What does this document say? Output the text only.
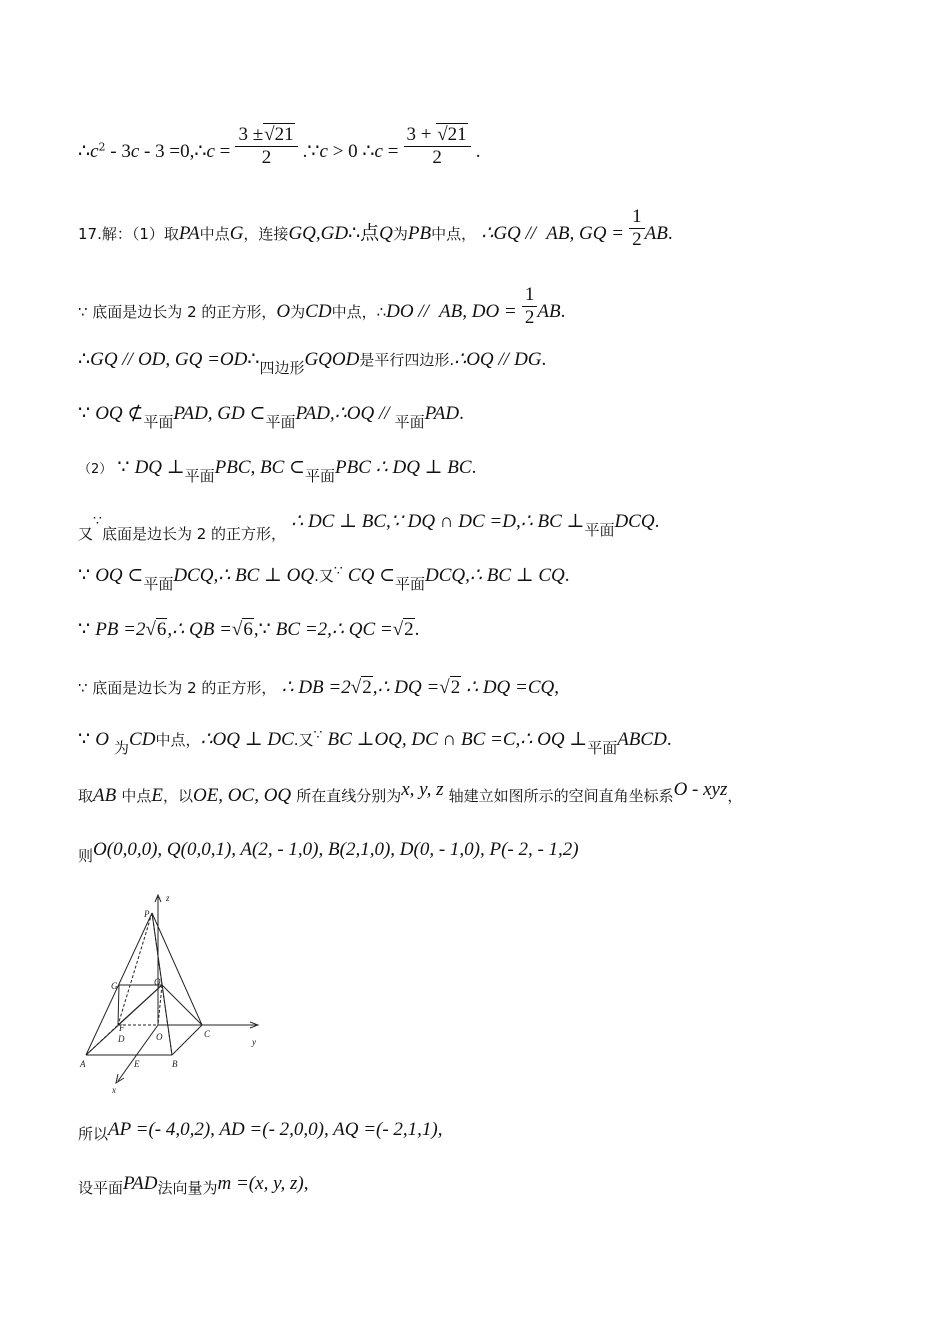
$\therefore c^2 - 3c - 3$ =0,∴c = $\frac{3 \pm√21}{2}$ .∵c > 0 ∴c = $\frac{3 + √21}{2}$ .
17.解：（1）取PA中点G，连接GQ,GD∴点Q为PB中点， ∴GQ // AB, GQ = $\frac{1}{2}$ AB.
∵ 底面是边长为 2 的正方形，O为CD中点，∴DO // AB, DO = $\frac{1}{2}$ AB.
∴GQ // OD, GQ =OD∴四边形GQOD是平行四边形.∴OQ // DG.
∵ OQ ⊄平面PAD, GD ⊂平面PAD,∴OQ // 平面PAD.
（2） ∵ DQ ⊥平面PBC, BC ⊂平面PBC ∴ DQ ⊥ BC.
又∵底面是边长为 2 的正方形， ∴ DC ⊥ BC,∵ DQ ∩ DC =D,∴ BC ⊥平面DCQ.
∵ OQ ⊂平面DCQ,∴ BC ⊥ OQ.又∵ CQ ⊂平面DCQ,∴ BC ⊥ CQ.
∵ PB =2√6,∴ QB =√6,∵ BC =2,∴ QC =√2.
∵ 底面是边长为 2 的正方形， ∴ DB =2√2,∴ DQ =√2 ∴ DQ =CQ,
∵ O 为CD中点，∴OQ ⊥ DC.又∵ BC ⊥OQ, DC ∩ BC =C,∴ OQ ⊥平面ABCD.
取AB 中点E，以OE, OC, OQ 所在直线分别为x, y, z 轴建立如图所示的空间直角坐标系O - xyz，
则O(0,0,0), Q(0,0,1), A(2, - 1,0), B(2,1,0), D(0, - 1,0), P(- 2, - 1,2)
z
P
G	Q
F
D	O	C
y
A	E	B
x
所以AP =(- 4,0,2), AD =(- 2,0,0), AQ =(- 2,1,1),
设平面PAD法向量为m =(x, y, z),
